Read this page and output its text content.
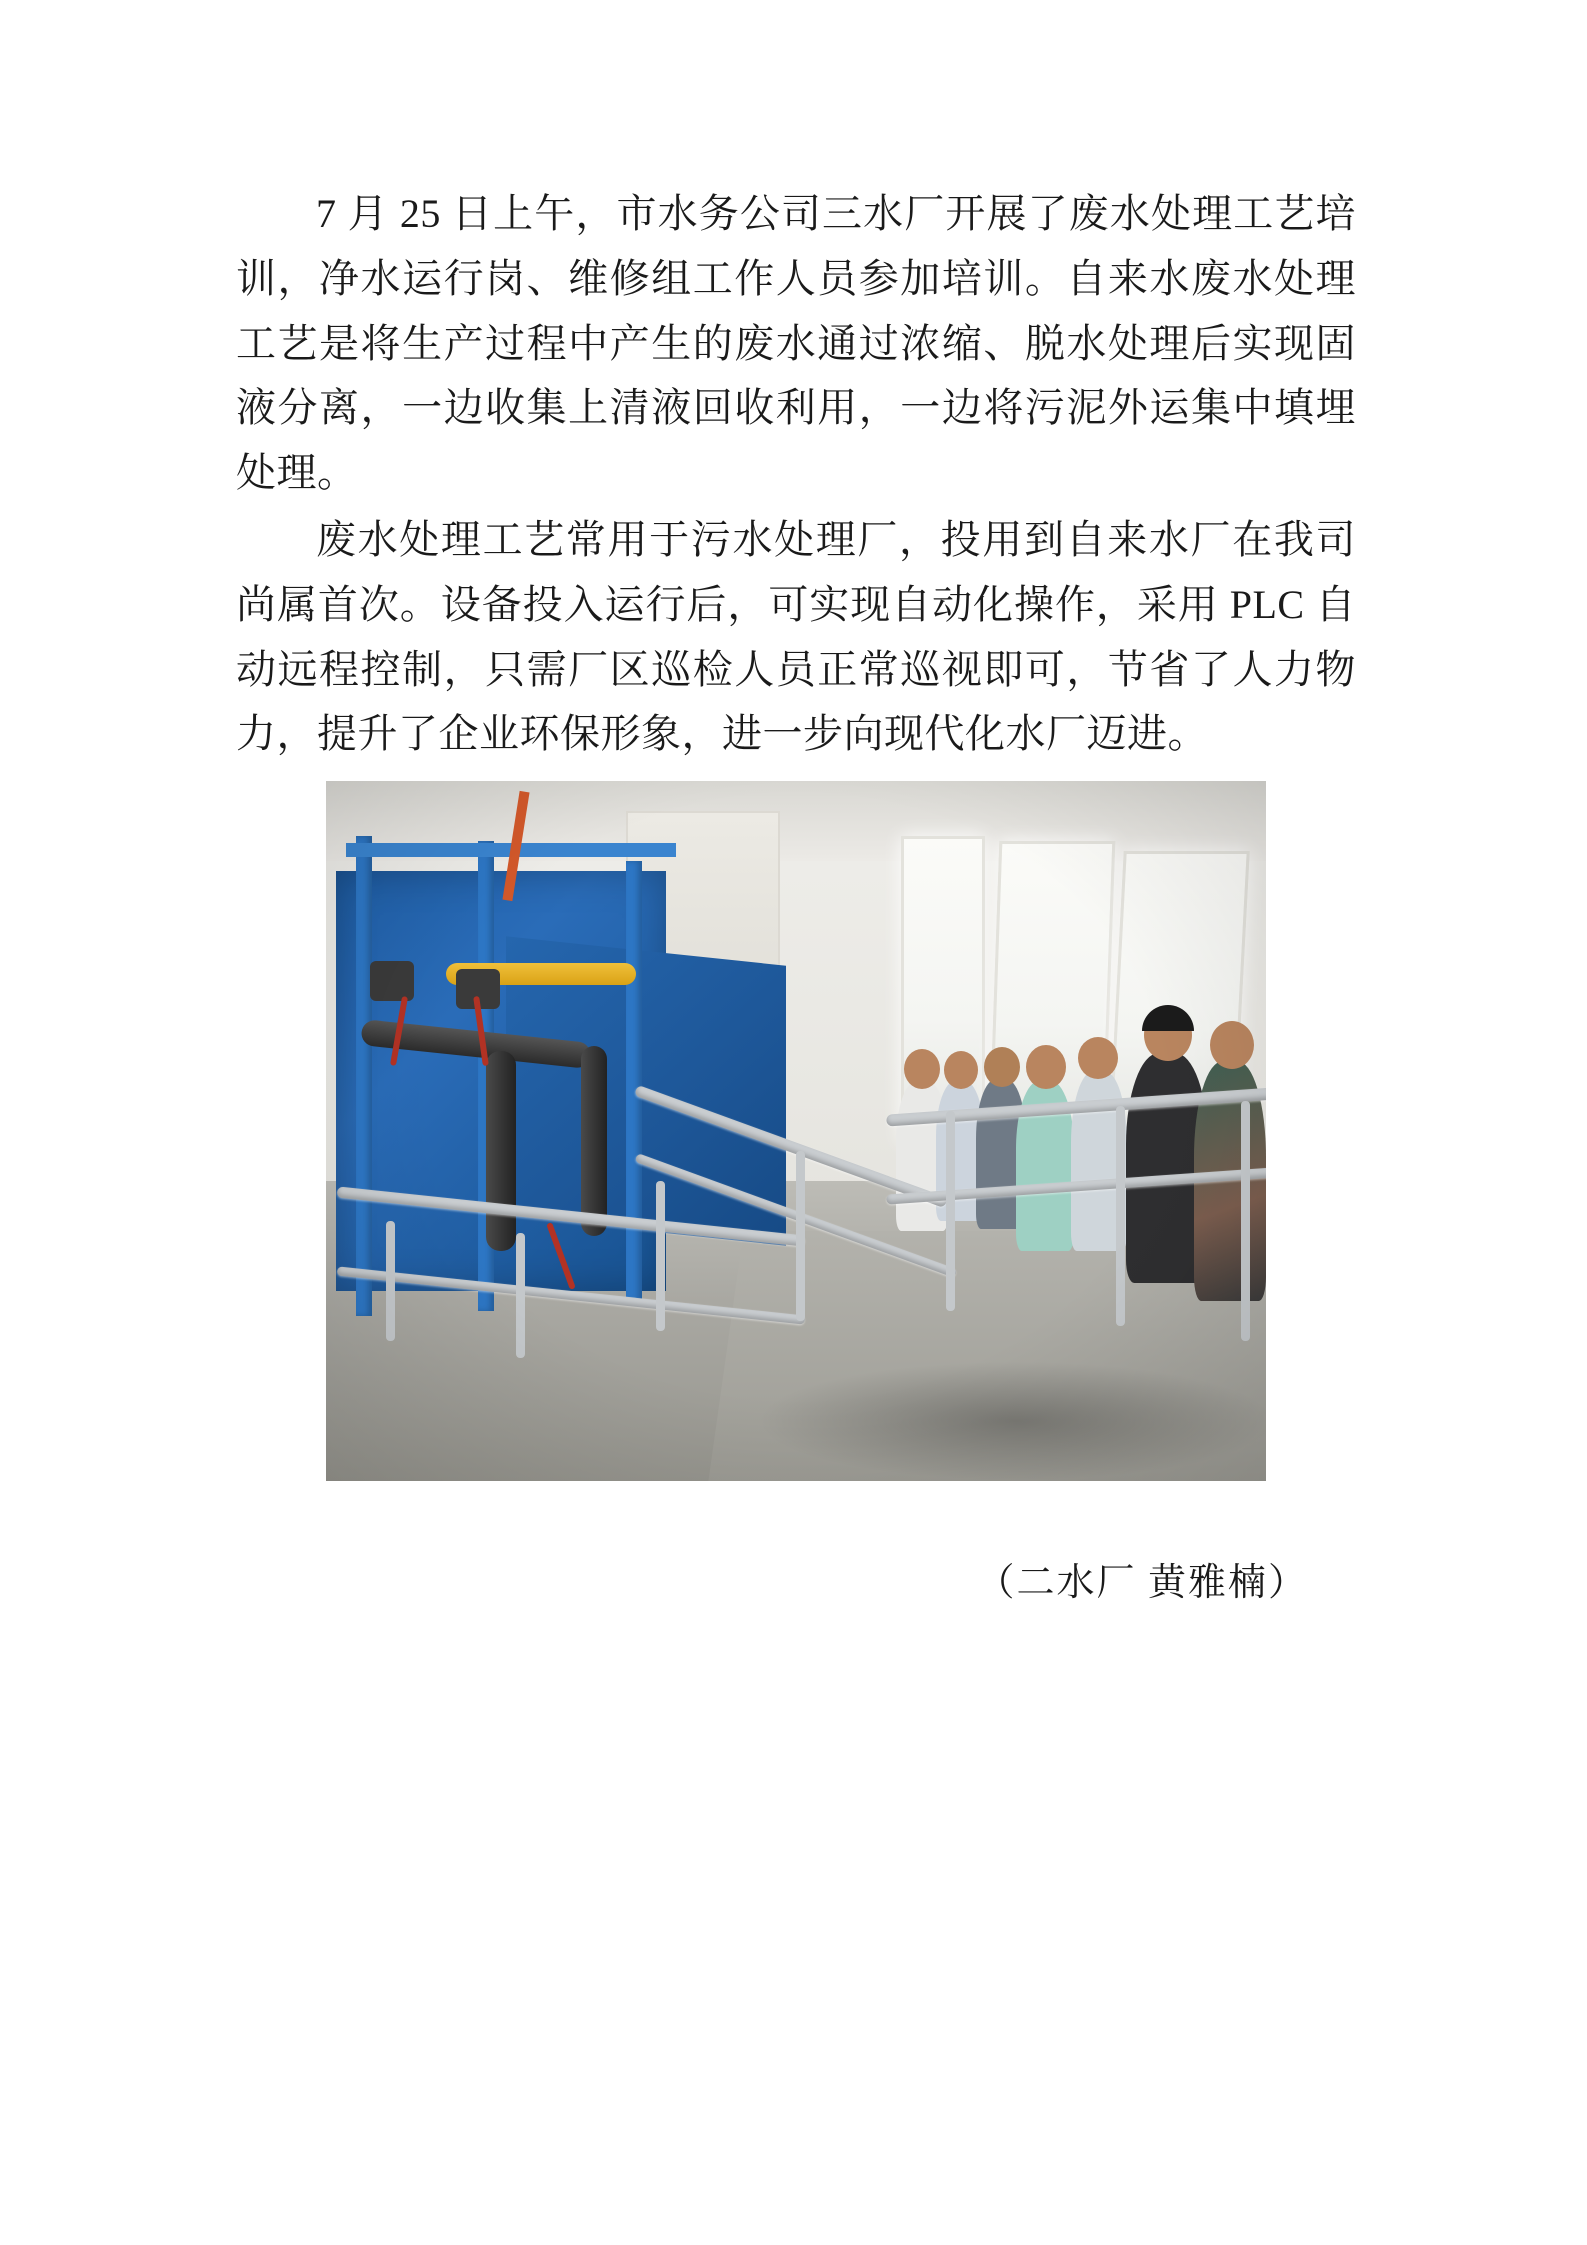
7 月 25 日上午，市水务公司三水厂开展了废水处理工艺培训，净水运行岗、维修组工作人员参加培训。自来水废水处理工艺是将生产过程中产生的废水通过浓缩、脱水处理后实现固液分离，一边收集上清液回收利用，一边将污泥外运集中填埋处理。

废水处理工艺常用于污水处理厂，投用到自来水厂在我司尚属首次。设备投入运行后，可实现自动化操作，采用 PLC 自动远程控制，只需厂区巡检人员正常巡视即可，节省了人力物力，提升了企业环保形象，进一步向现代化水厂迈进。

（二水厂 黄雅楠）
